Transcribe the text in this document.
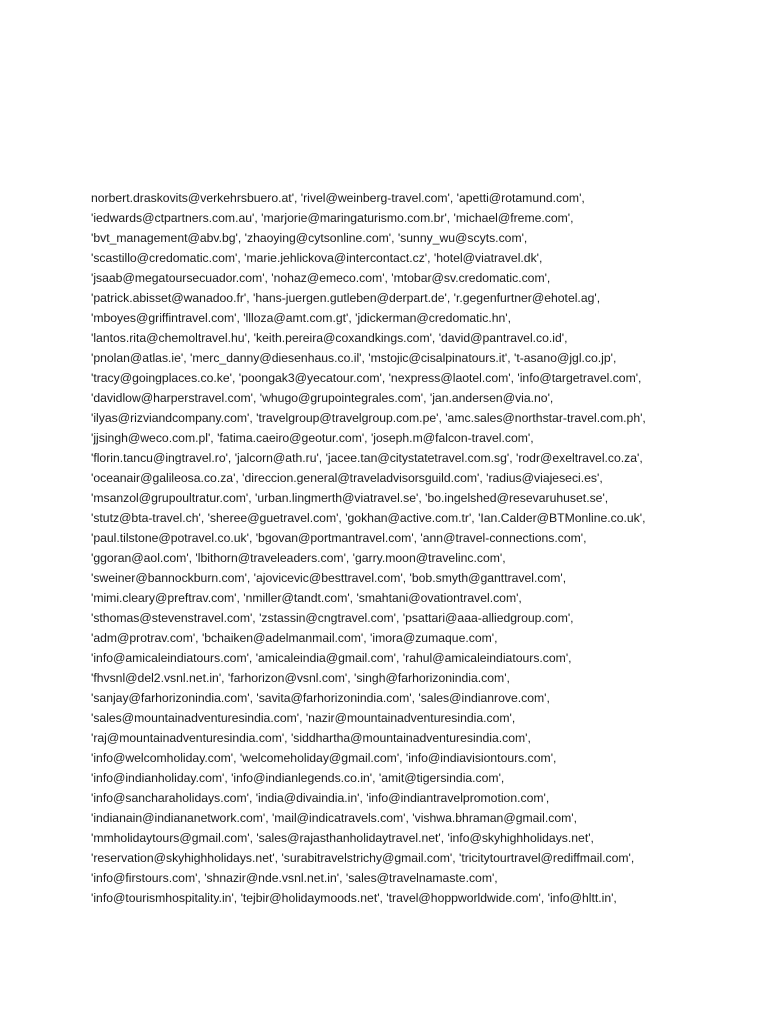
norbert.draskovits@verkehrsbuero.at', 'rivel@weinberg-travel.com', 'apetti@rotamund.com',
'iedwards@ctpartners.com.au', 'marjorie@maringaturismo.com.br', 'michael@freme.com',
'bvt_management@abv.bg', 'zhaoying@cytsonline.com', 'sunny_wu@scyts.com',
'scastillo@credomatic.com', 'marie.jehlickova@intercontact.cz', 'hotel@viatravel.dk',
'jsaab@megatoursecuador.com', 'nohaz@emeco.com', 'mtobar@sv.credomatic.com',
'patrick.abisset@wanadoo.fr', 'hans-juergen.gutleben@derpart.de', 'r.gegenfurtner@ehotel.ag',
'mboyes@griffintravel.com', 'llloza@amt.com.gt', 'jdickerman@credomatic.hn',
'lantos.rita@chemoltravel.hu', 'keith.pereira@coxandkings.com', 'david@pantravel.co.id',
'pnolan@atlas.ie', 'merc_danny@diesenhaus.co.il', 'mstojic@cisalpinatours.it', 't-asano@jgl.co.jp',
'tracy@goingplaces.co.ke', 'poongak3@yecatour.com', 'nexpress@laotel.com', 'info@targetravel.com',
'davidlow@harperstravel.com', 'whugo@grupointegrales.com', 'jan.andersen@via.no',
'ilyas@rizviandcompany.com', 'travelgroup@travelgroup.com.pe', 'amc.sales@northstar-travel.com.ph',
'jjsingh@weco.com.pl', 'fatima.caeiro@geotur.com', 'joseph.m@falcon-travel.com',
'florin.tancu@ingtravel.ro', 'jalcorn@ath.ru', 'jacee.tan@citystatetravel.com.sg', 'rodr@exeltravel.co.za',
'oceanair@galileosa.co.za', 'direccion.general@traveladvisorsguild.com', 'radius@viajeseci.es',
'msanzol@grupoultratur.com', 'urban.lingmerth@viatravel.se', 'bo.ingelshed@resevaruhuset.se',
'stutz@bta-travel.ch', 'sheree@guetravel.com', 'gokhan@active.com.tr', 'Ian.Calder@BTMonline.co.uk',
'paul.tilstone@potravel.co.uk', 'bgovan@portmantravel.com', 'ann@travel-connections.com',
'ggoran@aol.com', 'lbithorn@traveleaders.com', 'garry.moon@travelinc.com',
'sweiner@bannockburn.com', 'ajovicevic@besttravel.com', 'bob.smyth@ganttravel.com',
'mimi.cleary@preftrav.com', 'nmiller@tandt.com', 'smahtani@ovationtravel.com',
'sthomas@stevenstravel.com', 'zstassin@cngtravel.com', 'psattari@aaa-alliedgroup.com',
'adm@protrav.com', 'bchaiken@adelmanmail.com', 'imora@zumaque.com',
'info@amicaleindiatours.com', 'amicaleindia@gmail.com', 'rahul@amicaleindiatours.com',
'fhvsnl@del2.vsnl.net.in', 'farhorizon@vsnl.com', 'singh@farhorizonindia.com',
'sanjay@farhorizonindia.com', 'savita@farhorizonindia.com', 'sales@indianrove.com',
'sales@mountainadventuresindia.com', 'nazir@mountainadventuresindia.com',
'raj@mountainadventuresindia.com', 'siddhartha@mountainadventuresindia.com',
'info@welcomholiday.com', 'welcomeholiday@gmail.com', 'info@indiavisiontours.com',
'info@indianholiday.com', 'info@indianlegends.co.in', 'amit@tigersindia.com',
'info@sancharaholidays.com', 'india@divaindia.in', 'info@indiantravelpromotion.com',
'indianain@indiananetwork.com', 'mail@indicatravels.com', 'vishwa.bhraman@gmail.com',
'mmholidaytours@gmail.com', 'sales@rajasthanholidaytravel.net', 'info@skyhighholidays.net',
'reservation@skyhighholidays.net', 'surabitravelstrichy@gmail.com', 'tricitytourtravel@rediffmail.com',
'info@firstours.com', 'shnazir@nde.vsnl.net.in', 'sales@travelnamaste.com',
'info@tourismhospitality.in', 'tejbir@holidaymoods.net', 'travel@hoppworldwide.com', 'info@hltt.in',
